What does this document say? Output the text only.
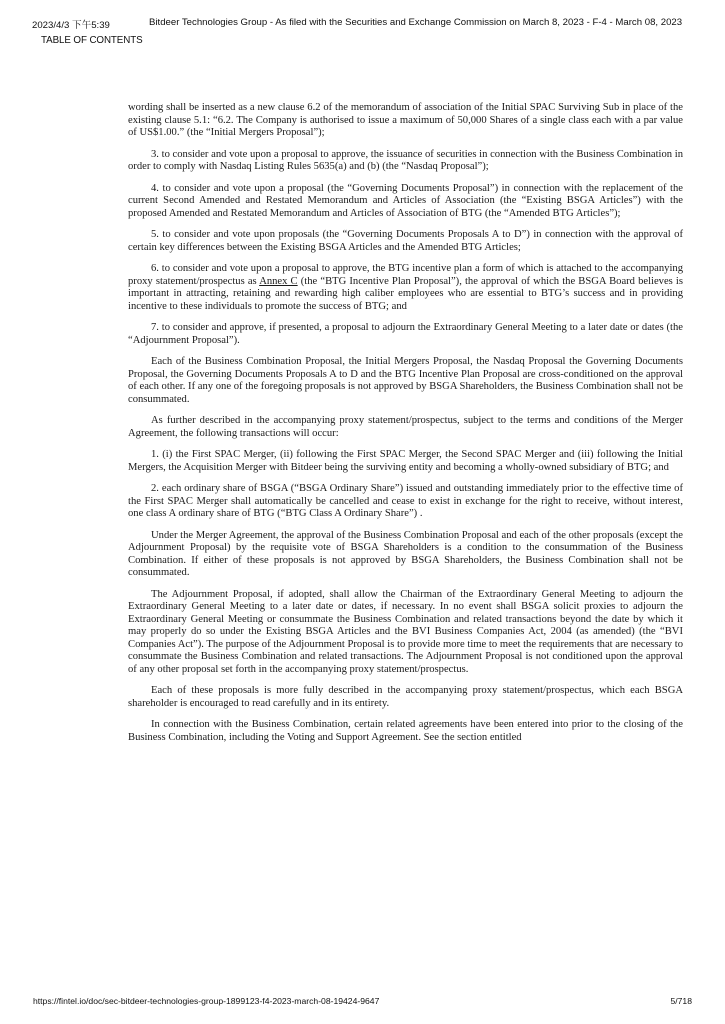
2023/4/3 下午5:39	Bitdeer Technologies Group - As filed with the Securities and Exchange Commission on March 8, 2023 - F-4 - March 08, 2023
TABLE OF CONTENTS

wording shall be inserted as a new clause 6.2 of the memorandum of association of the Initial SPAC Surviving Sub in place of the existing clause 5.1: “6.2. The Company is authorised to issue a maximum of 50,000 Shares of a single class each with a par value of US$1.00.” (the “Initial Mergers Proposal”);

3. to consider and vote upon a proposal to approve, the issuance of securities in connection with the Business Combination in order to comply with Nasdaq Listing Rules 5635(a) and (b) (the “Nasdaq Proposal”);

4. to consider and vote upon a proposal (the “Governing Documents Proposal”) in connection with the replacement of the current Second Amended and Restated Memorandum and Articles of Association (the “Existing BSGA Articles”) with the proposed Amended and Restated Memorandum and Articles of Association of BTG (the “Amended BTG Articles”);

5. to consider and vote upon proposals (the “Governing Documents Proposals A to D”) in connection with the approval of certain key differences between the Existing BSGA Articles and the Amended BTG Articles;

6. to consider and vote upon a proposal to approve, the BTG incentive plan a form of which is attached to the accompanying proxy statement/prospectus as Annex C (the “BTG Incentive Plan Proposal”), the approval of which the BSGA Board believes is important in attracting, retaining and rewarding high caliber employees who are essential to BTG’s success and in providing incentive to these individuals to promote the success of BTG; and

7. to consider and approve, if presented, a proposal to adjourn the Extraordinary General Meeting to a later date or dates (the “Adjournment Proposal”).

Each of the Business Combination Proposal, the Initial Mergers Proposal, the Nasdaq Proposal the Governing Documents Proposal, the Governing Documents Proposals A to D and the BTG Incentive Plan Proposal are cross-conditioned on the approval of each other. If any one of the foregoing proposals is not approved by BSGA Shareholders, the Business Combination shall not be consummated.

As further described in the accompanying proxy statement/prospectus, subject to the terms and conditions of the Merger Agreement, the following transactions will occur:

1. (i) the First SPAC Merger, (ii) following the First SPAC Merger, the Second SPAC Merger and (iii) following the Initial Mergers, the Acquisition Merger with Bitdeer being the surviving entity and becoming a wholly-owned subsidiary of BTG; and

2. each ordinary share of BSGA (“BSGA Ordinary Share”) issued and outstanding immediately prior to the effective time of the First SPAC Merger shall automatically be cancelled and cease to exist in exchange for the right to receive, without interest, one class A ordinary share of BTG (“BTG Class A Ordinary Share”) .

Under the Merger Agreement, the approval of the Business Combination Proposal and each of the other proposals (except the Adjournment Proposal) by the requisite vote of BSGA Shareholders is a condition to the consummation of the Business Combination. If either of these proposals is not approved by BSGA Shareholders, the Business Combination shall not be consummated.

The Adjournment Proposal, if adopted, shall allow the Chairman of the Extraordinary General Meeting to adjourn the Extraordinary General Meeting to a later date or dates, if necessary. In no event shall BSGA solicit proxies to adjourn the Extraordinary General Meeting or consummate the Business Combination and related transactions beyond the date by which it may properly do so under the Existing BSGA Articles and the BVI Business Companies Act, 2004 (as amended) (the “BVI Companies Act”). The purpose of the Adjournment Proposal is to provide more time to meet the requirements that are necessary to consummate the Business Combination and related transactions. The Adjournment Proposal is not conditioned upon the approval of any other proposal set forth in the accompanying proxy statement/prospectus.

Each of these proposals is more fully described in the accompanying proxy statement/prospectus, which each BSGA shareholder is encouraged to read carefully and in its entirety.

In connection with the Business Combination, certain related agreements have been entered into prior to the closing of the Business Combination, including the Voting and Support Agreement. See the section entitled

https://fintel.io/doc/sec-bitdeer-technologies-group-1899123-f4-2023-march-08-19424-9647	5/718
